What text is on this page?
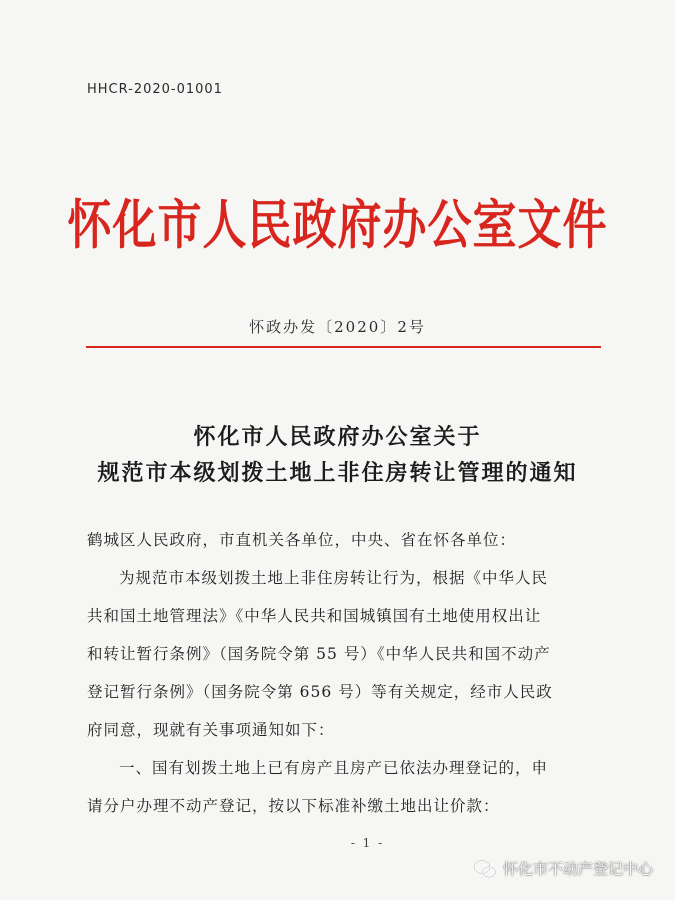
HHCR-2020-01001
怀化市人民政府办公室文件
怀政办发〔2020〕2号
怀化市人民政府办公室关于
规范市本级划拨土地上非住房转让管理的通知
鹤城区人民政府，市直机关各单位，中央、省在怀各单位：
为规范市本级划拨土地上非住房转让行为，根据《中华人民
共和国土地管理法》《中华人民共和国城镇国有土地使用权出让
和转让暂行条例》（国务院令第 55 号）《中华人民共和国不动产
登记暂行条例》（国务院令第 656 号）等有关规定，经市人民政
府同意，现就有关事项通知如下：
一、国有划拨土地上已有房产且房产已依法办理登记的，申
请分户办理不动产登记，按以下标准补缴土地出让价款：
- 1 -
怀化市不动产登记中心
